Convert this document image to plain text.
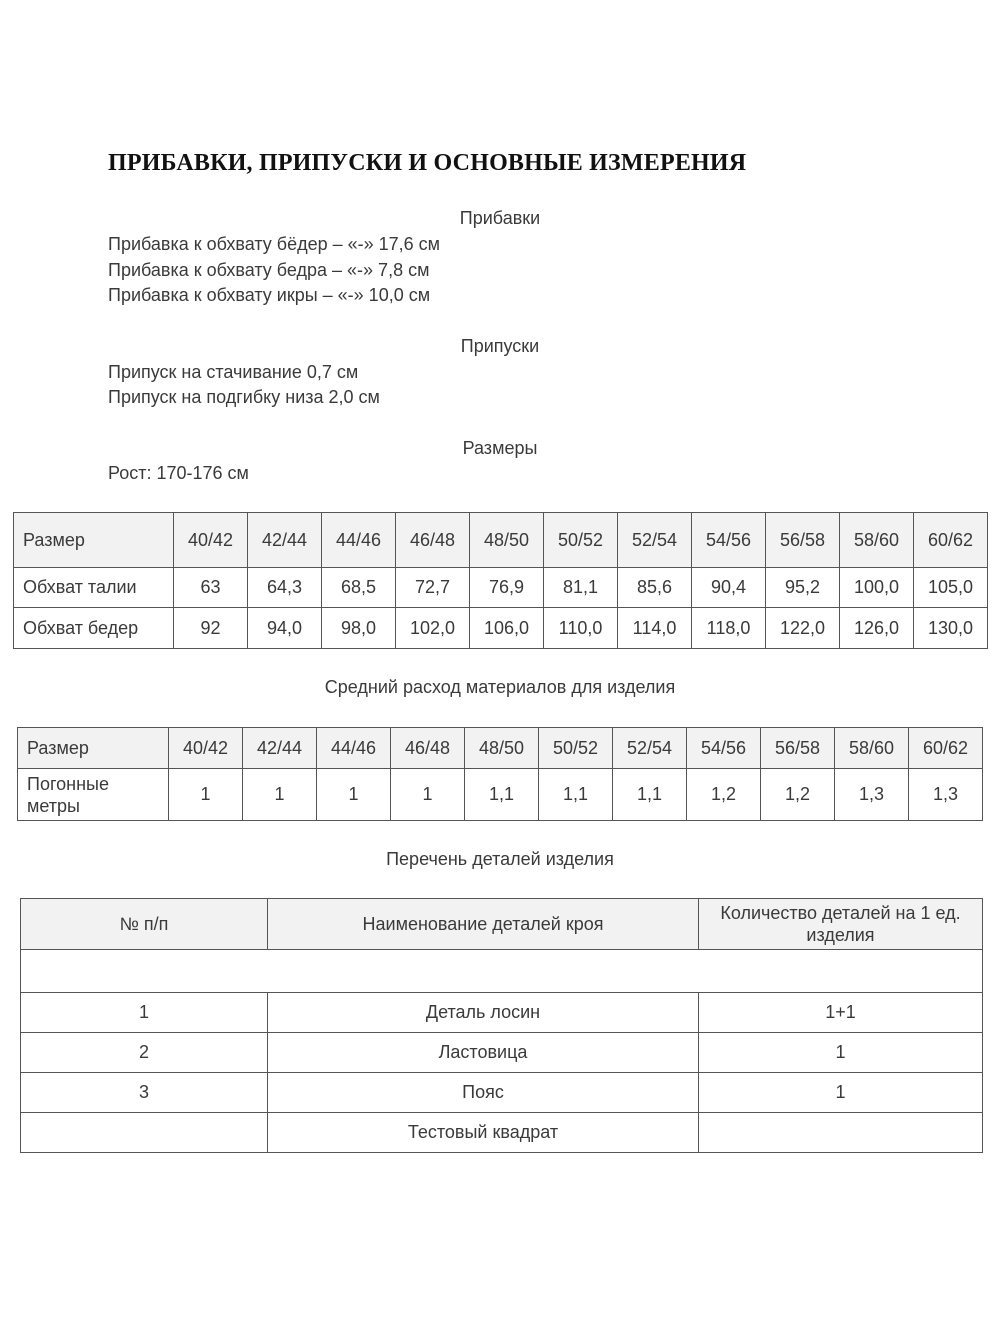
ПРИБАВКИ, ПРИПУСКИ И ОСНОВНЫЕ ИЗМЕРЕНИЯ
Прибавки
Прибавка к обхвату бёдер – «-» 17,6 см
Прибавка к обхвату бедра – «-» 7,8 см
Прибавка к обхвату икры – «-» 10,0 см
Припуски
Припуск на стачивание 0,7 см
Припуск на подгибку низа 2,0 см
Размеры
Рост: 170-176 см
Размер	40/42	42/44	44/46	46/48	48/50	50/52	52/54	54/56	56/58	58/60	60/62
Обхват талии	63	64,3	68,5	72,7	76,9	81,1	85,6	90,4	95,2	100,0	105,0
Обхват бедер	92	94,0	98,0	102,0	106,0	110,0	114,0	118,0	122,0	126,0	130,0
Средний расход материалов для изделия
Размер	40/42	42/44	44/46	46/48	48/50	50/52	52/54	54/56	56/58	58/60	60/62

Погонные метры	1	1	1	1	1,1	1,1	1,1	1,2	1,2	1,3	1,3
Перечень деталей изделия
№ п/п	Наименование деталей кроя	Количество деталей на 1 ед. изделия

1	Деталь лосин	1+1
2	Ластовица	1
3	Пояс	1
	Тестовый квадрат	
